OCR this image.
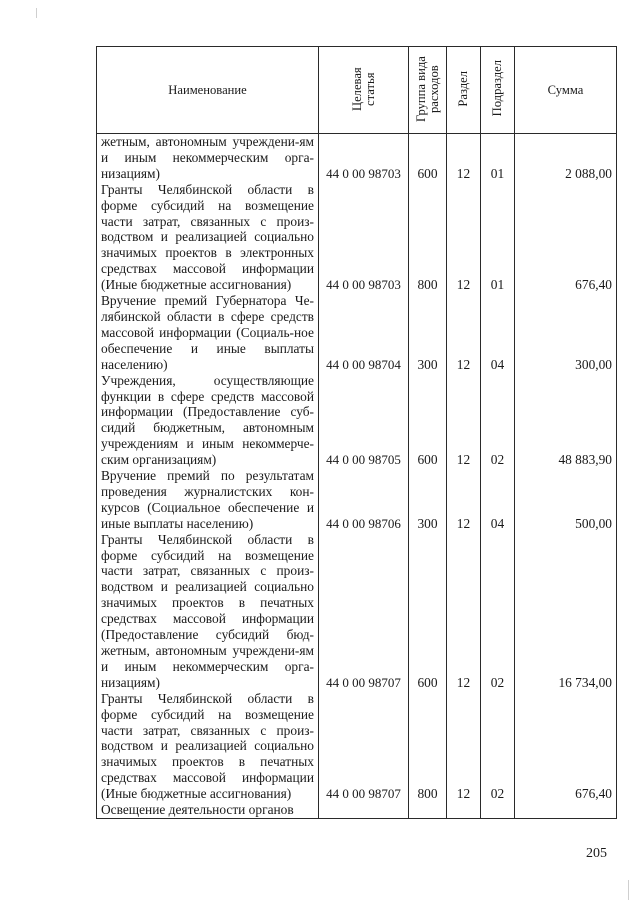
Наименование	Целевая статья	Группа вида расходов	Раздел	Подраздел	Сумма
жетным, автономным учреждени-ям и иным некоммерческим орга-низациям)	44 0 00 98703	600	12	01	2 088,00
Гранты Челябинской области в форме субсидий на возмещение части затрат, связанных с произ-водством и реализацией социально значимых проектов в электронных средствах массовой информации (Иные бюджетные ассигнования)	44 0 00 98703	800	12	01	676,40
Вручение премий Губернатора Че-лябинской области в сфере средств массовой информации (Социаль-ное обеспечение и иные выплаты населению)	44 0 00 98704	300	12	04	300,00
Учреждения, осуществляющие функции в сфере средств массовой информации (Предоставление суб-сидий бюджетным, автономным учреждениям и иным некоммерче-ским организациям)	44 0 00 98705	600	12	02	48 883,90
Вручение премий по результатам проведения журналистских кон-курсов (Социальное обеспечение и иные выплаты населению)	44 0 00 98706	300	12	04	500,00
Гранты Челябинской области в форме субсидий на возмещение части затрат, связанных с произ-водством и реализацией социально значимых проектов в печатных средствах массовой информации (Предоставление субсидий бюд-жетным, автономным учреждени-ям и иным некоммерческим орга-низациям)	44 0 00 98707	600	12	02	16 734,00
Гранты Челябинской области в форме субсидий на возмещение части затрат, связанных с произ-водством и реализацией социально значимых проектов в печатных средствах массовой информации (Иные бюджетные ассигнования)	44 0 00 98707	800	12	02	676,40
Освещение деятельности органов					
205
